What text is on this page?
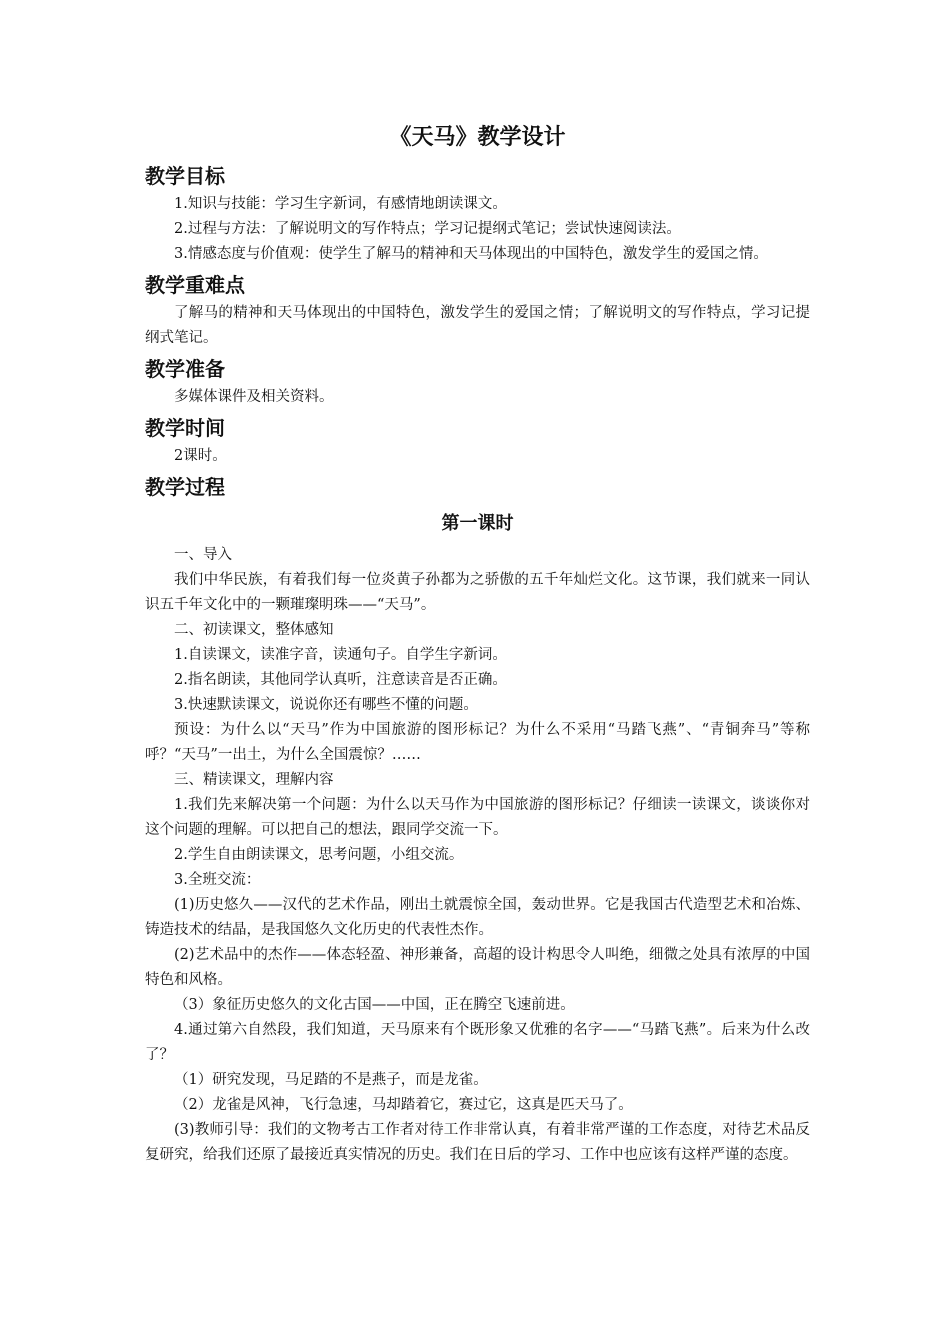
《天马》教学设计
教学目标

1.知识与技能：学习生字新词，有感情地朗读课文。

2.过程与方法：了解说明文的写作特点；学习记提纲式笔记；尝试快速阅读法。

3.情感态度与价值观：使学生了解马的精神和天马体现出的中国特色，激发学生的爱国之情。

教学重难点

了解马的精神和天马体现出的中国特色，激发学生的爱国之情；了解说明文的写作特点，学习记提纲式笔记。

教学准备

多媒体课件及相关资料。

教学时间

2课时。

教学过程
第一课时

一、导入

我们中华民族，有着我们每一位炎黄子孙都为之骄傲的五千年灿烂文化。这节课，我们就来一同认识五千年文化中的一颗璀璨明珠——“天马”。

二、初读课文，整体感知

1.自读课文，读准字音，读通句子。自学生字新词。

2.指名朗读，其他同学认真听，注意读音是否正确。

3.快速默读课文，说说你还有哪些不懂的问题。

预设：为什么以“天马”作为中国旅游的图形标记？为什么不采用“马踏飞燕”、“青铜奔马”等称呼？“天马”一出土，为什么全国震惊？……

三、精读课文，理解内容

1.我们先来解决第一个问题：为什么以天马作为中国旅游的图形标记？仔细读一读课文，谈谈你对这个问题的理解。可以把自己的想法，跟同学交流一下。

2.学生自由朗读课文，思考问题，小组交流。

3.全班交流：

(1)历史悠久——汉代的艺术作品，刚出土就震惊全国，轰动世界。它是我国古代造型艺术和冶炼、铸造技术的结晶，是我国悠久文化历史的代表性杰作。

(2)艺术品中的杰作——体态轻盈、神形兼备，高超的设计构思令人叫绝，细微之处具有浓厚的中国特色和风格。

（3）象征历史悠久的文化古国——中国，正在腾空飞速前进。

4.通过第六自然段，我们知道，天马原来有个既形象又优雅的名字——“马踏飞燕”。后来为什么改了？

（1）研究发现，马足踏的不是燕子，而是龙雀。

（2）龙雀是风神，飞行急速，马却踏着它，赛过它，这真是匹天马了。

(3)教师引导：我们的文物考古工作者对待工作非常认真，有着非常严谨的工作态度，对待艺术品反复研究，给我们还原了最接近真实情况的历史。我们在日后的学习、工作中也应该有这样严谨的态度。
